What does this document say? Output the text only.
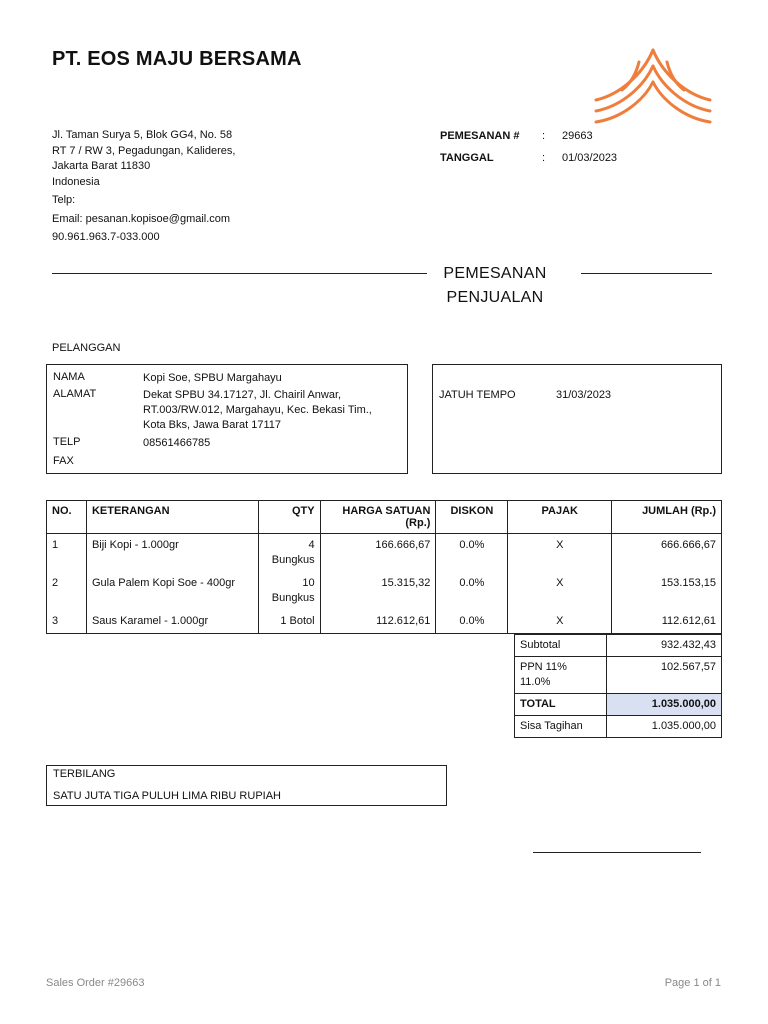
PT. EOS MAJU BERSAMA
Jl. Taman Surya 5, Blok GG4, No. 58
RT 7 / RW 3, Pegadungan, Kalideres,
Jakarta Barat 11830
Indonesia
Telp:
Email: pesanan.kopisoe@gmail.com
90.961.963.7-033.000
PEMESANAN #	:	29663
TANGGAL	:	01/03/2023
PEMESANAN
PENJUALAN
PELANGGAN
NAMA	Kopi Soe, SPBU Margahayu
ALAMAT	Dekat SPBU 34.17127, Jl. Chairil Anwar,
RT.003/RW.012, Margahayu, Kec. Bekasi Tim.,
Kota Bks, Jawa Barat 17117
TELP	08561466785
FAX
JATUH TEMPO	31/03/2023
NO.	KETERANGAN	QTY	HARGA SATUAN (Rp.)	DISKON	PAJAK	JUMLAH (Rp.)
1	Biji Kopi - 1.000gr	4 Bungkus	166.666,67	0.0%	X	666.666,67
2	Gula Palem Kopi Soe - 400gr	10 Bungkus	15.315,32	0.0%	X	153.153,15
3	Saus Karamel - 1.000gr	1 Botol	112.612,61	0.0%	X	112.612,61
Subtotal	932.432,43

PPN 11%
11.0%	102.567,57
TOTAL	1.035.000,00
Sisa Tagihan	1.035.000,00
TERBILANG
SATU JUTA TIGA PULUH LIMA RIBU RUPIAH
Sales Order #29663	Page 1 of 1
